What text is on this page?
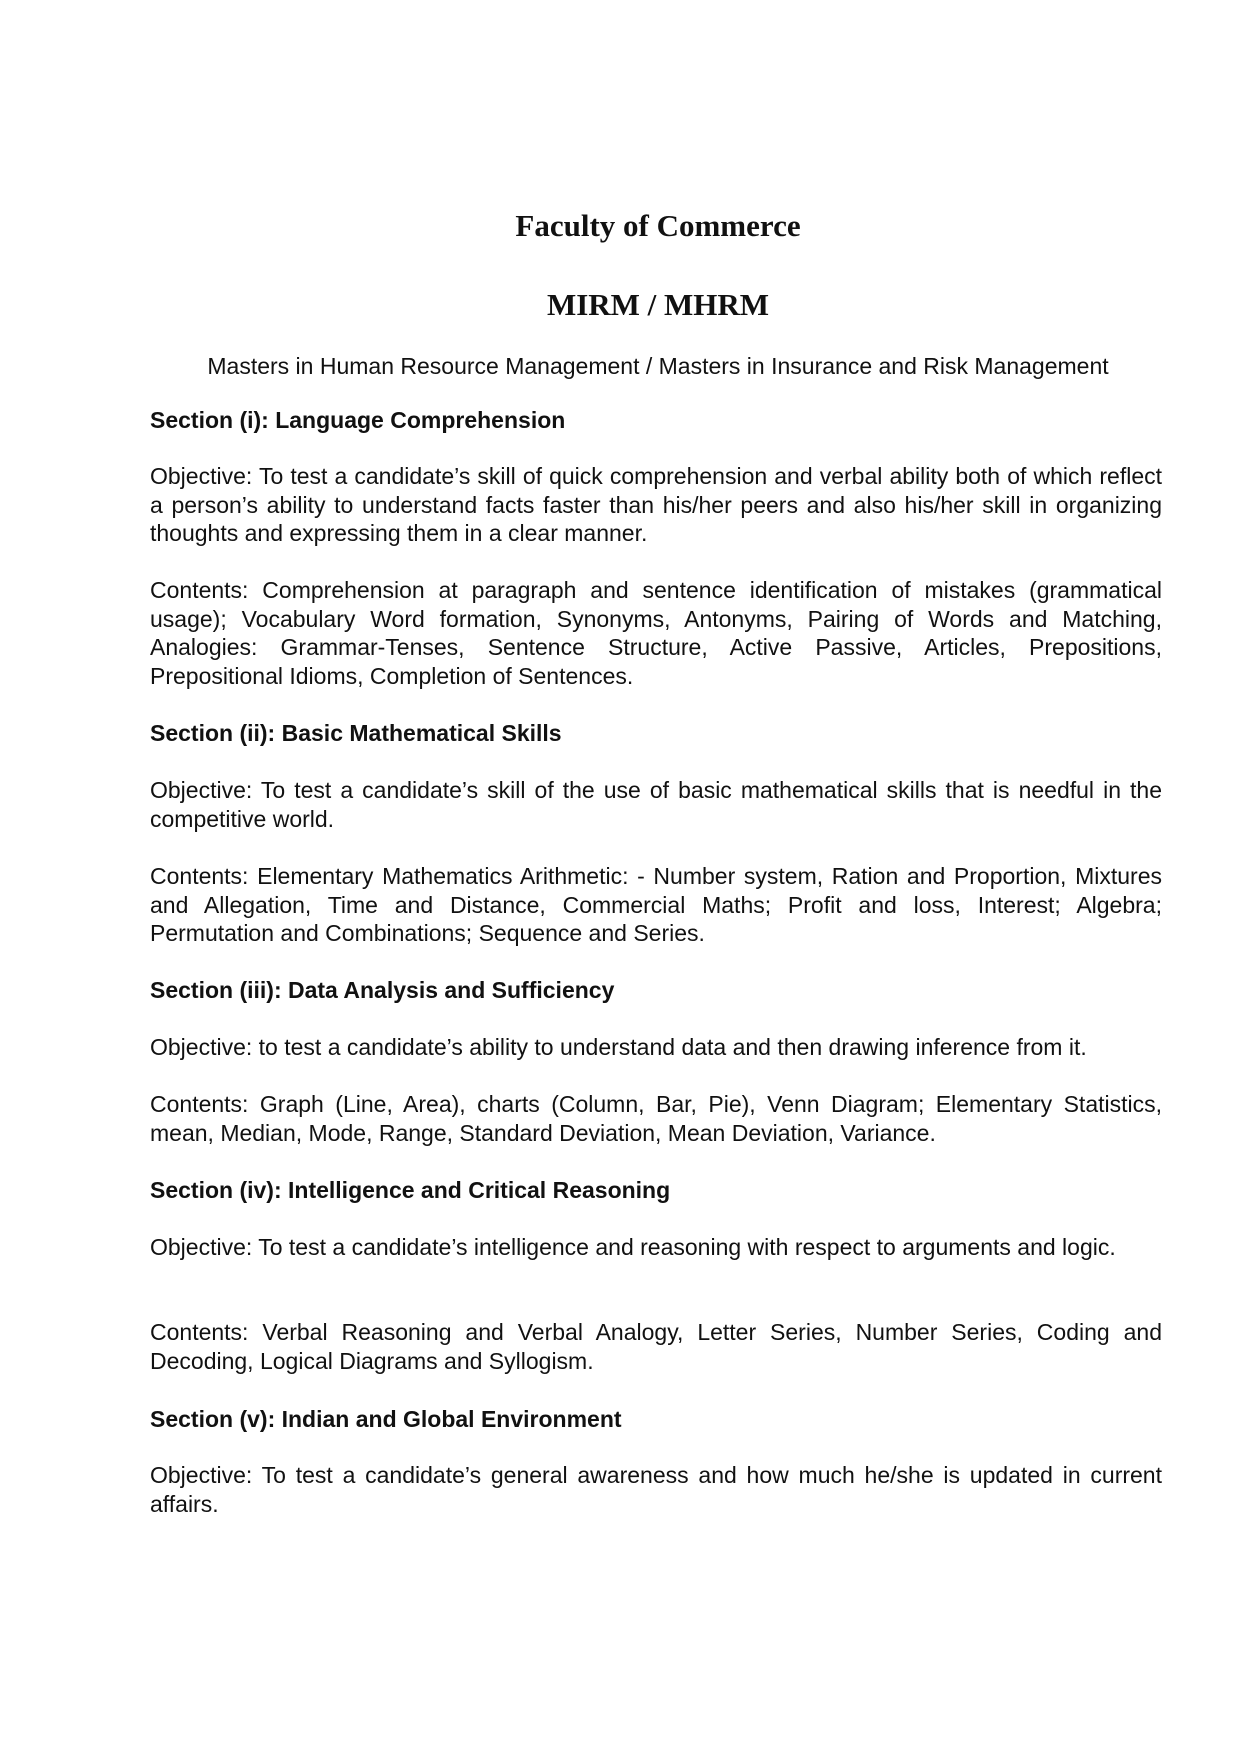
Faculty of Commerce
MIRM / MHRM

Masters in Human Resource Management / Masters in Insurance and Risk Management

Section (i): Language Comprehension

Objective: To test a candidate’s skill of quick comprehension and verbal ability both of which reflect a person’s ability to understand facts faster than his/her peers and also his/her skill in organizing thoughts and expressing them in a clear manner.

Contents: Comprehension at paragraph and sentence identification of mistakes (grammatical usage); Vocabulary Word formation, Synonyms, Antonyms, Pairing of Words and Matching, Analogies: Grammar-Tenses, Sentence Structure, Active Passive, Articles, Prepositions, Prepositional Idioms, Completion of Sentences.

Section (ii): Basic Mathematical Skills

Objective: To test a candidate’s skill of the use of basic mathematical skills that is needful in the competitive world.

Contents: Elementary Mathematics Arithmetic: - Number system, Ration and Proportion, Mixtures and Allegation, Time and Distance, Commercial Maths; Profit and loss, Interest; Algebra; Permutation and Combinations; Sequence and Series.

Section (iii): Data Analysis and Sufficiency

Objective: to test a candidate’s ability to understand data and then drawing inference from it.

Contents: Graph (Line, Area), charts (Column, Bar, Pie), Venn Diagram; Elementary Statistics, mean, Median, Mode, Range, Standard Deviation, Mean Deviation, Variance.

Section (iv): Intelligence and Critical Reasoning

Objective: To test a candidate’s intelligence and reasoning with respect to arguments and logic.

Contents: Verbal Reasoning and Verbal Analogy, Letter Series, Number Series, Coding and Decoding, Logical Diagrams and Syllogism.

Section (v): Indian and Global Environment

Objective: To test a candidate’s general awareness and how much he/she is updated in current affairs.
